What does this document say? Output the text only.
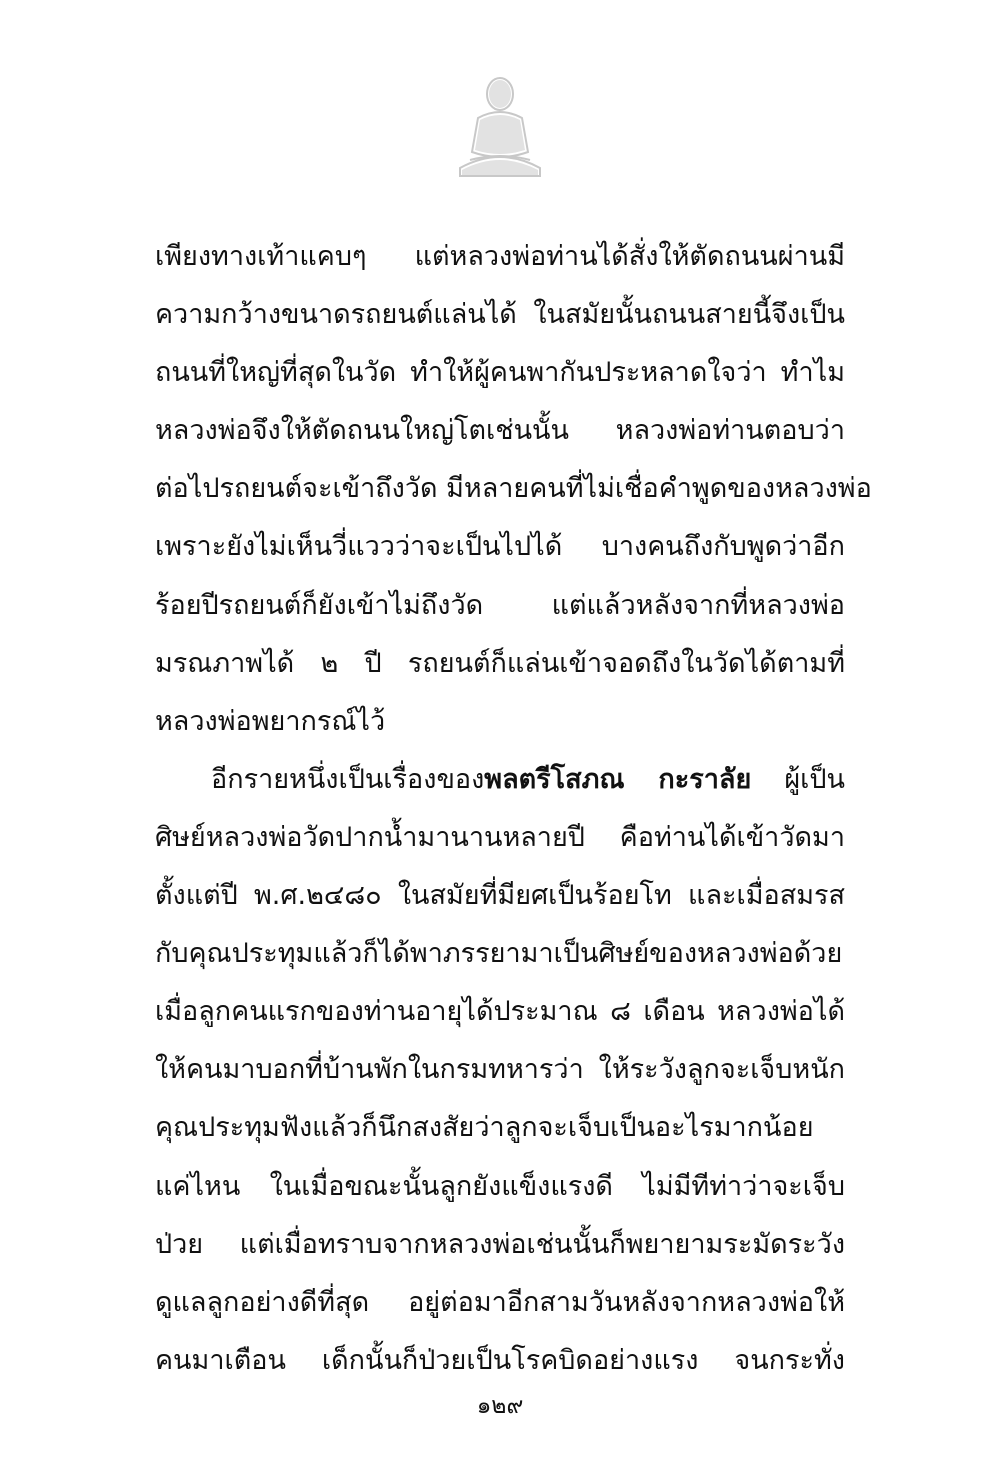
เพียงทางเท้าแคบๆ แต่หลวงพ่อท่านได้สั่งให้ตัดถนนผ่านมี
ความกว้างขนาดรถยนต์แล่นได้ ในสมัยนั้นถนนสายนี้จึงเป็น
ถนนที่ใหญ่ที่สุดในวัด ทำให้ผู้คนพากันประหลาดใจว่า ทำไม
หลวงพ่อจึงให้ตัดถนนใหญ่โตเช่นนั้น หลวงพ่อท่านตอบว่า
ต่อไปรถยนต์จะเข้าถึงวัด มีหลายคนที่ไม่เชื่อคำพูดของหลวงพ่อ
เพราะยังไม่เห็นวี่แววว่าจะเป็นไปได้ บางคนถึงกับพูดว่าอีก
ร้อยปีรถยนต์ก็ยังเข้าไม่ถึงวัด แต่แล้วหลังจากที่หลวงพ่อ
มรณภาพได้ ๒ ปี รถยนต์ก็แล่นเข้าจอดถึงในวัดได้ตามที่
หลวงพ่อพยากรณ์ไว้
อีกรายหนึ่งเป็นเรื่องของพลตรีโสภณ กะราลัย ผู้เป็น
ศิษย์หลวงพ่อวัดปากน้ำมานานหลายปี คือท่านได้เข้าวัดมา
ตั้งแต่ปี พ.ศ.๒๔๘๐ ในสมัยที่มียศเป็นร้อยโท และเมื่อสมรส
กับคุณประทุมแล้วก็ได้พาภรรยามาเป็นศิษย์ของหลวงพ่อด้วย
เมื่อลูกคนแรกของท่านอายุได้ประมาณ ๘ เดือน หลวงพ่อได้
ให้คนมาบอกที่บ้านพักในกรมทหารว่า ให้ระวังลูกจะเจ็บหนัก
คุณประทุมฟังแล้วก็นึกสงสัยว่าลูกจะเจ็บเป็นอะไรมากน้อย
แค่ไหน ในเมื่อขณะนั้นลูกยังแข็งแรงดี ไม่มีทีท่าว่าจะเจ็บ
ป่วย แต่เมื่อทราบจากหลวงพ่อเช่นนั้นก็พยายามระมัดระวัง
ดูแลลูกอย่างดีที่สุด อยู่ต่อมาอีกสามวันหลังจากหลวงพ่อให้
คนมาเตือน เด็กนั้นก็ป่วยเป็นโรคบิดอย่างแรง จนกระทั่ง
๑๒๙
